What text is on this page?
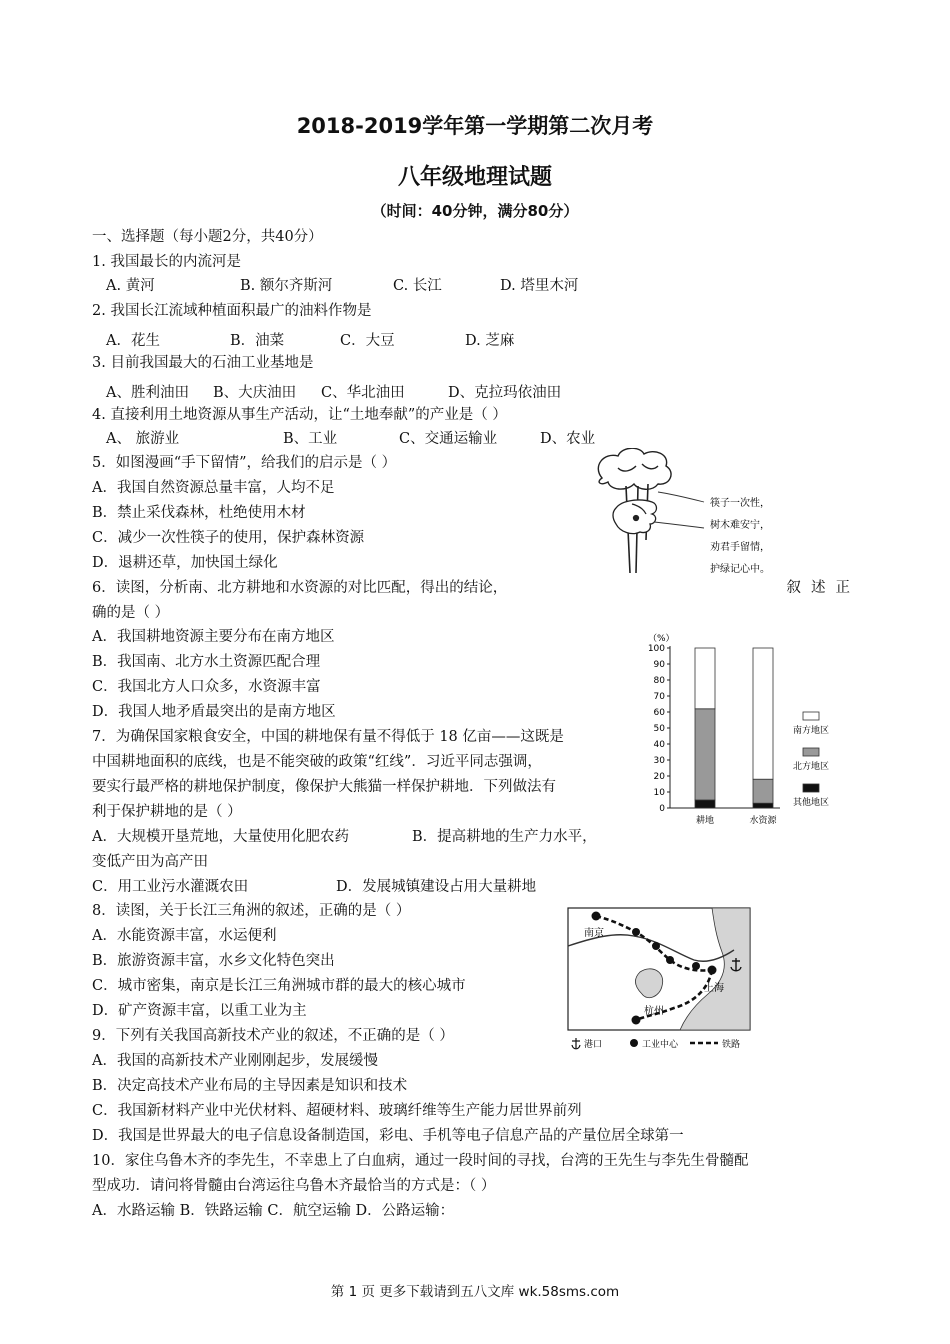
2018-2019学年第一学期第二次月考
八年级地理试题
（时间：40分钟，满分80分）
一、选择题（每小题2分，共40分）
1. 我国最长的内流河是
A. 黄河	B. 额尔齐斯河	C. 长江	D. 塔里木河
2. 我国长江流域种植面积最广的油料作物是
A．花生	B．油菜	C．大豆	D. 芝麻
3. 目前我国最大的石油工业基地是
A、胜利油田 B、大庆油田 C、华北油田	D、克拉玛依油田
4. 直接利用土地资源从事生产活动，让“土地奉献”的产业是（ ）
A、 旅游业	B、工业	C、交通运输业	D、农业
5．如图漫画“手下留情”，给我们的启示是（ ）
A．我国自然资源总量丰富，人均不足
B．禁止采伐森林，杜绝使用木材
C．减少一次性筷子的使用，保护森林资源
D．退耕还草，加快国土绿化
筷子一次性，
树木难安宁，
劝君手留情，
护绿记心中。
6．读图，分析南、北方耕地和水资源的对比匹配，得出的结论，	叙述正
确的是（ ）
A．我国耕地资源主要分布在南方地区
B．我国南、北方水土资源匹配合理
C．我国北方人口众多，水资源丰富
D．我国人地矛盾最突出的是南方地区
（%）
100
90
80
70
60
50
40
30
20
10
0
耕地	水资源
南方地区
北方地区
其他地区
7．为确保国家粮食安全，中国的耕地保有量不得低于 18 亿亩——这既是
中国耕地面积的底线，也是不能突破的政策“红线”．习近平同志强调，
要实行最严格的耕地保护制度，像保护大熊猫一样保护耕地．下列做法有
利于保护耕地的是（ ）
A．大规模开垦荒地，大量使用化肥农药	B．提高耕地的生产力水平，
变低产田为高产田
C．用工业污水灌溉农田	D．发展城镇建设占用大量耕地
8．读图，关于长江三角洲的叙述，正确的是（ ）
A．水能资源丰富，水运便利
B．旅游资源丰富，水乡文化特色突出
C．城市密集，南京是长江三角洲城市群的最大的核心城市
D．矿产资源丰富，以重工业为主
南京
上海
杭州
港口	工业中心	铁路
9．下列有关我国高新技术产业的叙述，不正确的是（ ）
A．我国的高新技术产业刚刚起步，发展缓慢
B．决定高技术产业布局的主导因素是知识和技术
C．我国新材料产业中光伏材料、超硬材料、玻璃纤维等生产能力居世界前列
D．我国是世界最大的电子信息设备制造国，彩电、手机等电子信息产品的产量位居全球第一
10．家住乌鲁木齐的李先生，不幸患上了白血病，通过一段时间的寻找，台湾的王先生与李先生骨髓配
型成功．请问将骨髓由台湾运往乌鲁木齐最恰当的方式是：（ ）
A．水路运输 B．铁路运输 C．航空运输 D．公路运输：
第 1 页 更多下载请到五八文库 wk.58sms.com
